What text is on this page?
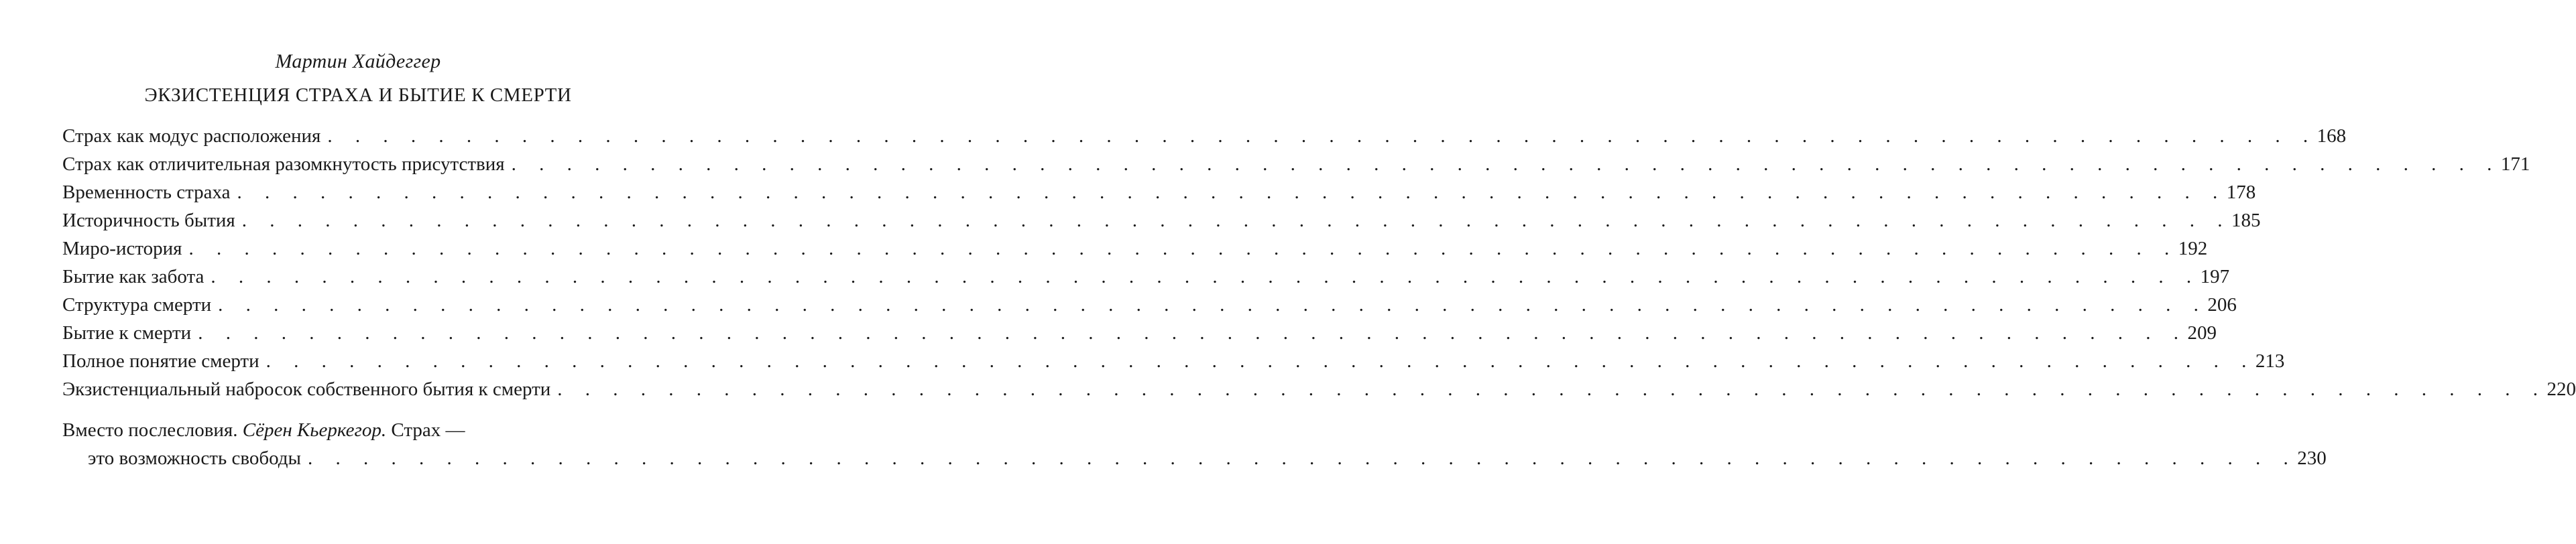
Мартин Хайдеггер
ЭКЗИСТЕНЦИЯ СТРАХА И БЫТИЕ К СМЕРТИ
Страх как модус расположения . . . . . . . . . . . . . . . . . . . . . . . . . . . . . . . . . . . . . . . . . . . . . . . . . . . . . . . . . . . . . . . . . . . . . . . . 168
Страх как отличительная разомкнутость присутствия . . . . . . . . . . . . . . . . . . . . . . . . . . . . . . . . . . . . . . . . . . . . . . . . . . . . . . . . . . . . . . . . . . . . . . . . 171
Временность страха . . . . . . . . . . . . . . . . . . . . . . . . . . . . . . . . . . . . . . . . . . . . . . . . . . . . . . . . . . . . . . . . . . . . . . . . 178
Историчность бытия . . . . . . . . . . . . . . . . . . . . . . . . . . . . . . . . . . . . . . . . . . . . . . . . . . . . . . . . . . . . . . . . . . . . . . . . 185
Миро-история . . . . . . . . . . . . . . . . . . . . . . . . . . . . . . . . . . . . . . . . . . . . . . . . . . . . . . . . . . . . . . . . . . . . . . . . 192
Бытие как забота . . . . . . . . . . . . . . . . . . . . . . . . . . . . . . . . . . . . . . . . . . . . . . . . . . . . . . . . . . . . . . . . . . . . . . . . 197
Структура смерти . . . . . . . . . . . . . . . . . . . . . . . . . . . . . . . . . . . . . . . . . . . . . . . . . . . . . . . . . . . . . . . . . . . . . . . . 206
Бытие к смерти . . . . . . . . . . . . . . . . . . . . . . . . . . . . . . . . . . . . . . . . . . . . . . . . . . . . . . . . . . . . . . . . . . . . . . . . 209
Полное понятие смерти . . . . . . . . . . . . . . . . . . . . . . . . . . . . . . . . . . . . . . . . . . . . . . . . . . . . . . . . . . . . . . . . . . . . . . . . 213
Экзистенциальный набросок собственного бытия к смерти . . . . . . . . . . . . . . . . . . . . . . . . . . . . . . . . . . . . . . . . . . . . . . . . . . . . . . . . . . . . . . . . . . . . . . . . 220
Вместо послесловия. Сёрен Кьеркегор. Страх —
это возможность свободы . . . . . . . . . . . . . . . . . . . . . . . . . . . . . . . . . . . . . . . . . . . . . . . . . . . . . . . . . . . . . . . . . . . . . . . . 230
